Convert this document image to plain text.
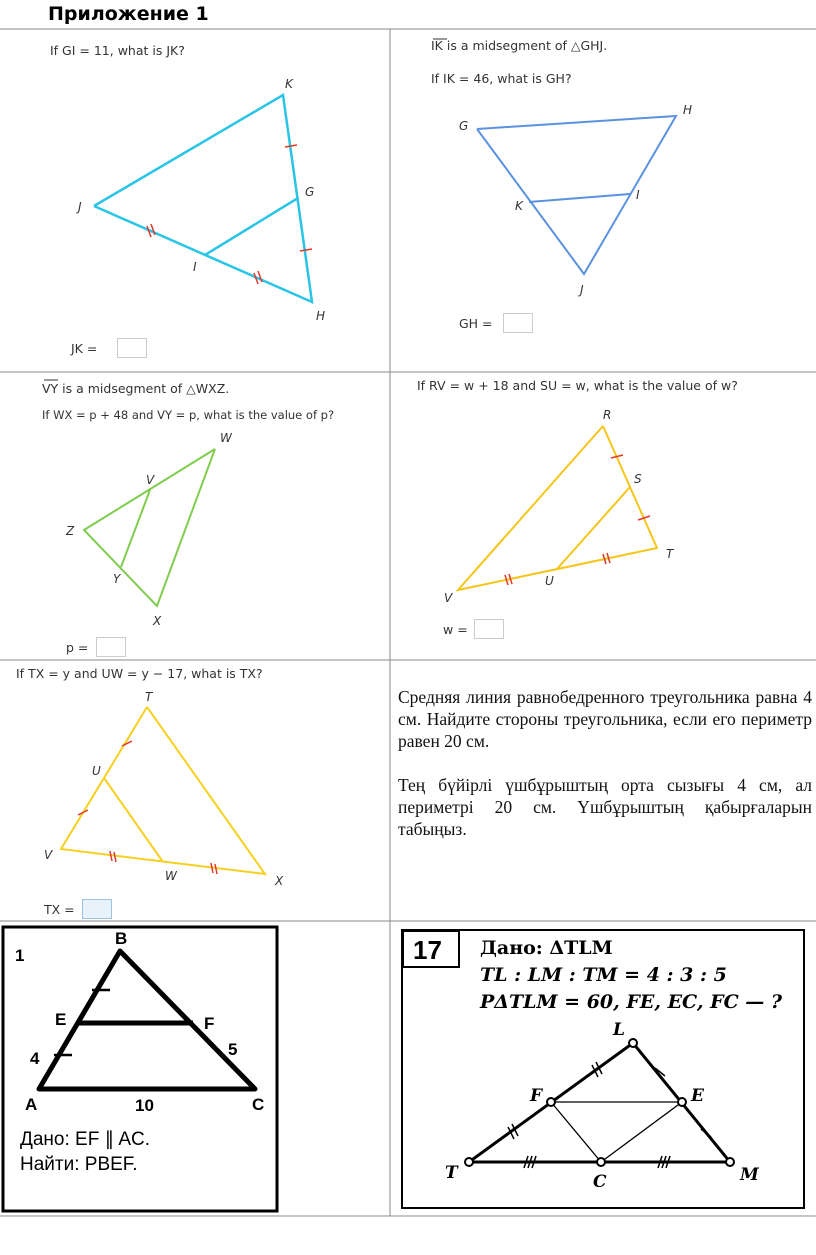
Приложение 1
K
J
G
I
H
G
H
K
I
J
W
V
Z
Y
X
R
S
T
U
V
T
U
V
W	X
1
B
E	F
4	5
A	10	C
Дано: EF ∥ AC.
Найти: PBEF.
17 Дано: ΔTLM
TL : LM : TM = 4 : 3 : 5
PΔTLM = 60, FE, EC, FC — ?
L
F	E
T	C	M
If GI = 11, what is JK?
JK =
IK is a midsegment of △GHJ.
If IK = 46, what is GH?
GH =
VY is a midsegment of △WXZ.
If WX = p + 48 and VY = p, what is the value of p?
p =
If RV = w + 18 and SU = w, what is the value of w?
w =
If TX = y and UW = y − 17, what is TX?
TX =
Средняя линия равнобедренного треугольника равна 4 см. Найдите стороны треугольника, если его периметр равен 20 см.
Тең бүйірлі үшбұрыштың орта сызығы 4 см, ал периметрі 20 см. Үшбұрыштың қабырғаларын табыңыз.
